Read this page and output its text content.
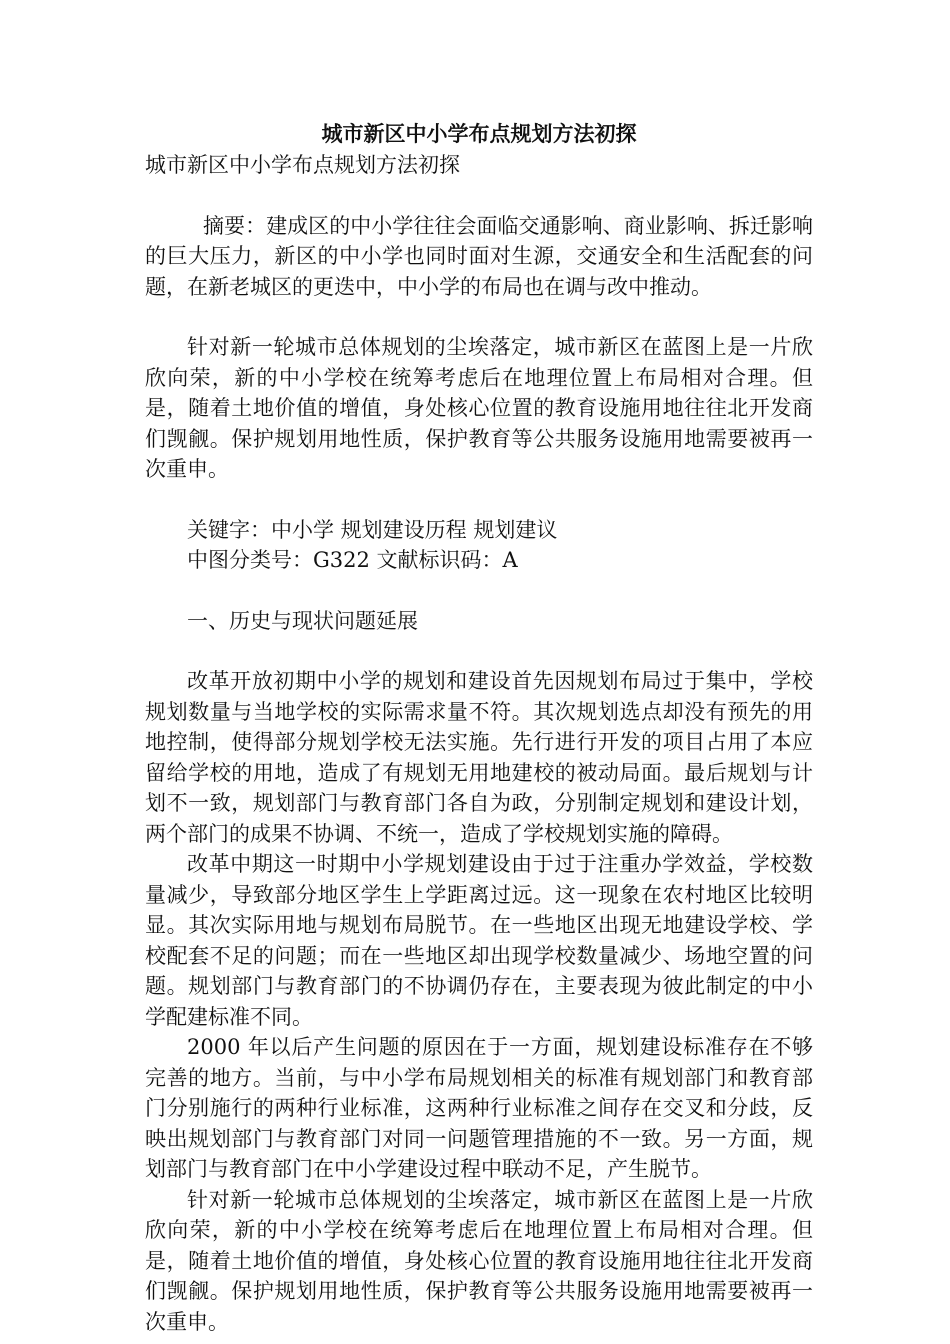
城市新区中小学布点规划方法初探

城市新区中小学布点规划方法初探

摘要：建成区的中小学往往会面临交通影响、商业影响、拆迁影响的巨大压力，新区的中小学也同时面对生源，交通安全和生活配套的问题，在新老城区的更迭中，中小学的布局也在调与改中推动。

针对新一轮城市总体规划的尘埃落定，城市新区在蓝图上是一片欣欣向荣，新的中小学校在统筹考虑后在地理位置上布局相对合理。但是，随着土地价值的增值，身处核心位置的教育设施用地往往北开发商们觊觎。保护规划用地性质，保护教育等公共服务设施用地需要被再一次重申。

关键字：中小学 规划建设历程 规划建议

中图分类号：G322 文献标识码：A

一、历史与现状问题延展

改革开放初期中小学的规划和建设首先因规划布局过于集中，学校规划数量与当地学校的实际需求量不符。其次规划选点却没有预先的用地控制，使得部分规划学校无法实施。先行进行开发的项目占用了本应留给学校的用地，造成了有规划无用地建校的被动局面。最后规划与计划不一致，规划部门与教育部门各自为政，分别制定规划和建设计划，两个部门的成果不协调、不统一，造成了学校规划实施的障碍。

改革中期这一时期中小学规划建设由于过于注重办学效益，学校数量减少，导致部分地区学生上学距离过远。这一现象在农村地区比较明显。其次实际用地与规划布局脱节。在一些地区出现无地建设学校、学校配套不足的问题；而在一些地区却出现学校数量减少、场地空置的问题。规划部门与教育部门的不协调仍存在，主要表现为彼此制定的中小学配建标准不同。

2000 年以后产生问题的原因在于一方面，规划建设标准存在不够完善的地方。当前，与中小学布局规划相关的标准有规划部门和教育部门分别施行的两种行业标准，这两种行业标准之间存在交叉和分歧，反映出规划部门与教育部门对同一问题管理措施的不一致。另一方面，规划部门与教育部门在中小学建设过程中联动不足，产生脱节。

针对新一轮城市总体规划的尘埃落定，城市新区在蓝图上是一片欣欣向荣，新的中小学校在统筹考虑后在地理位置上布局相对合理。但是，随着土地价值的增值，身处核心位置的教育设施用地往往北开发商们觊觎。保护规划用地性质，保护教育等公共服务设施用地需要被再一次重申。
